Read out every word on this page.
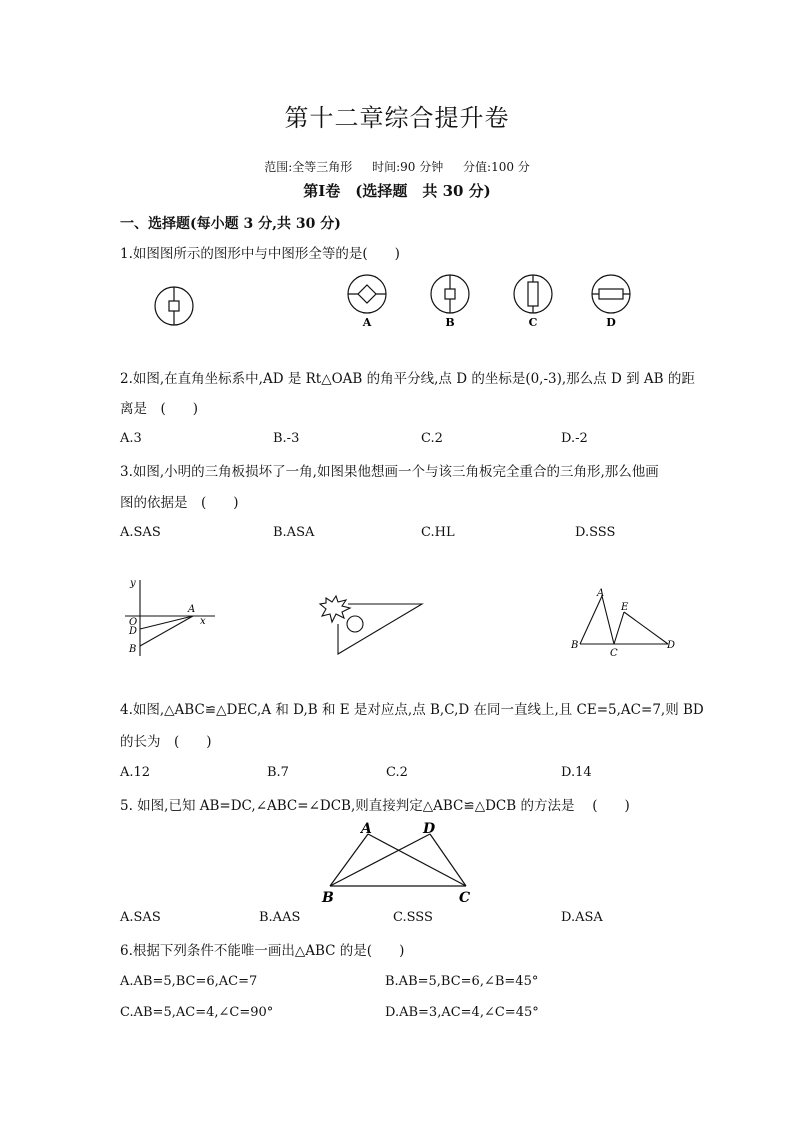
第十二章综合提升卷
范围:全等三角形 时间:90 分钟 分值:100 分
第Ⅰ卷　(选择题　共 30 分)
一、选择题(每小题 3 分,共 30 分)
1.如图图所示的图形中与中图形全等的是(　　)
A	B	C	D
2.如图,在直角坐标系中,AD 是 Rt△OAB 的角平分线,点 D 的坐标是(0,-3),那么点 D 到 AB 的距
离是　(　　)
A.3	B.-3	C.2	D.-2
3.如图,小明的三角板损坏了一角,如图果他想画一个与该三角板完全重合的三角形,那么他画
图的依据是　(　　)
A.SAS	B.ASA	C.HL	D.SSS
y
x
O
D
A
B
A
E
B
C
D
4.如图,△ABC≌△DEC,A 和 D,B 和 E 是对应点,点 B,C,D 在同一直线上,且 CE=5,AC=7,则 BD
的长为　(　　)
A.12	B.7	C.2	D.14
5. 如图,已知 AB=DC,∠ABC=∠DCB,则直接判定△ABC≌△DCB 的方法是　 (　　)
A	D
B	C
A.SAS	B.AAS	C.SSS	D.ASA
6.根据下列条件不能唯一画出△ABC 的是(　　)
A.AB=5,BC=6,AC=7	B.AB=5,BC=6,∠B=45°
C.AB=5,AC=4,∠C=90°	D.AB=3,AC=4,∠C=45°
